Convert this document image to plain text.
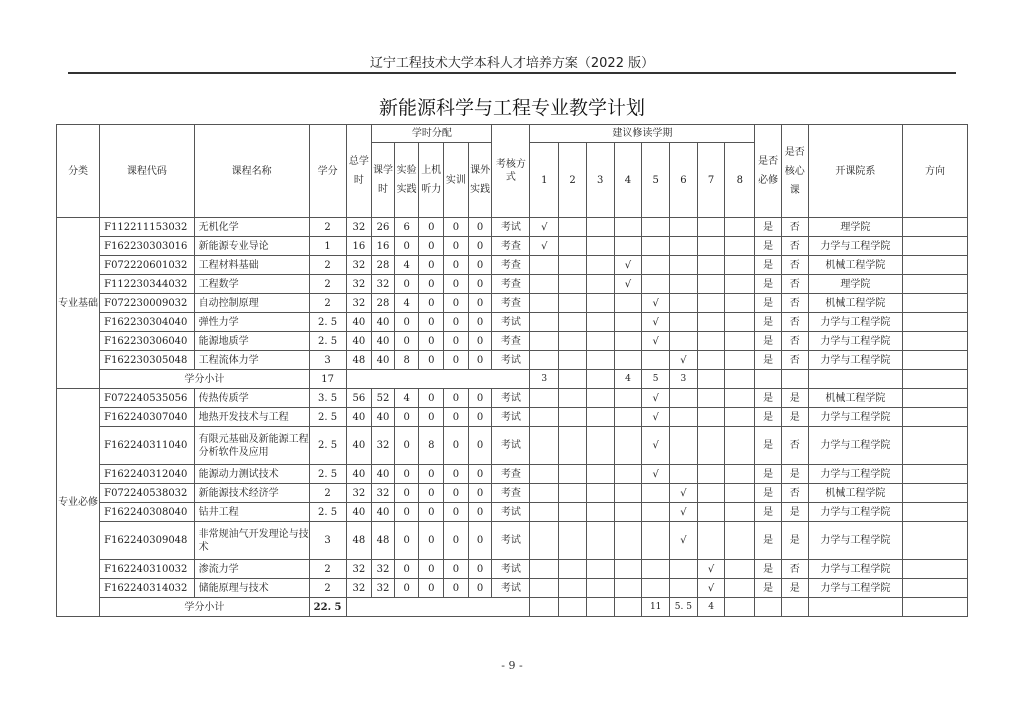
辽宁工程技术大学本科人才培养方案（2022 版）
新能源科学与工程专业教学计划
分类	课程代码	课程名称	学分	总学时	学时分配					考核方式	建议修读学期								是否必修	是否核心课	开课院系	方向
					课学时	实验实践	上机听力	实训	课外实践		1	2	3	4	5	6	7	8				
专业基础	F112211153032	无机化学	2	32	26	6	0	0	0	考试	√								是	否	理学院	
	F162230303016	新能源专业导论	1	16	16	0	0	0	0	考查	√								是	否	力学与工程学院	
	F072220601032	工程材料基础	2	32	28	4	0	0	0	考查				√					是	否	机械工程学院	
	F112230344032	工程数学	2	32	32	0	0	0	0	考查				√					是	否	理学院	
	F072230009032	自动控制原理	2	32	28	4	0	0	0	考查					√				是	否	机械工程学院	
	F162230304040	弹性力学	2. 5	40	40	0	0	0	0	考试					√				是	否	力学与工程学院	
	F162230306040	能源地质学	2. 5	40	40	0	0	0	0	考查					√				是	否	力学与工程学院	
	F162230305048	工程流体力学	3	48	40	8	0	0	0	考试						√			是	否	力学与工程学院	
	学分小计		17								3			4	5	3						
专业必修	F072240535056	传热传质学	3. 5	56	52	4	0	0	0	考试					√				是	是	机械工程学院	
	F162240307040	地热开发技术与工程	2. 5	40	40	0	0	0	0	考试					√				是	是	力学与工程学院	
	F162240311040	有限元基础及新能源工程分析软件及应用	2. 5	40	32	0	8	0	0	考试					√				是	否	力学与工程学院	
	F162240312040	能源动力测试技术	2. 5	40	40	0	0	0	0	考查					√				是	是	力学与工程学院	
	F072240538032	新能源技术经济学	2	32	32	0	0	0	0	考查						√			是	否	机械工程学院	
	F162240308040	钻井工程	2. 5	40	40	0	0	0	0	考试						√			是	是	力学与工程学院	
	F162240309048	非常规油气开发理论与技术	3	48	48	0	0	0	0	考试						√			是	是	力学与工程学院	
	F162240310032	渗流力学	2	32	32	0	0	0	0	考试							√		是	否	力学与工程学院	
	F162240314032	储能原理与技术	2	32	32	0	0	0	0	考试							√		是	是	力学与工程学院	
	学分小计		22. 5												11	5. 5	4					
- 9 -
